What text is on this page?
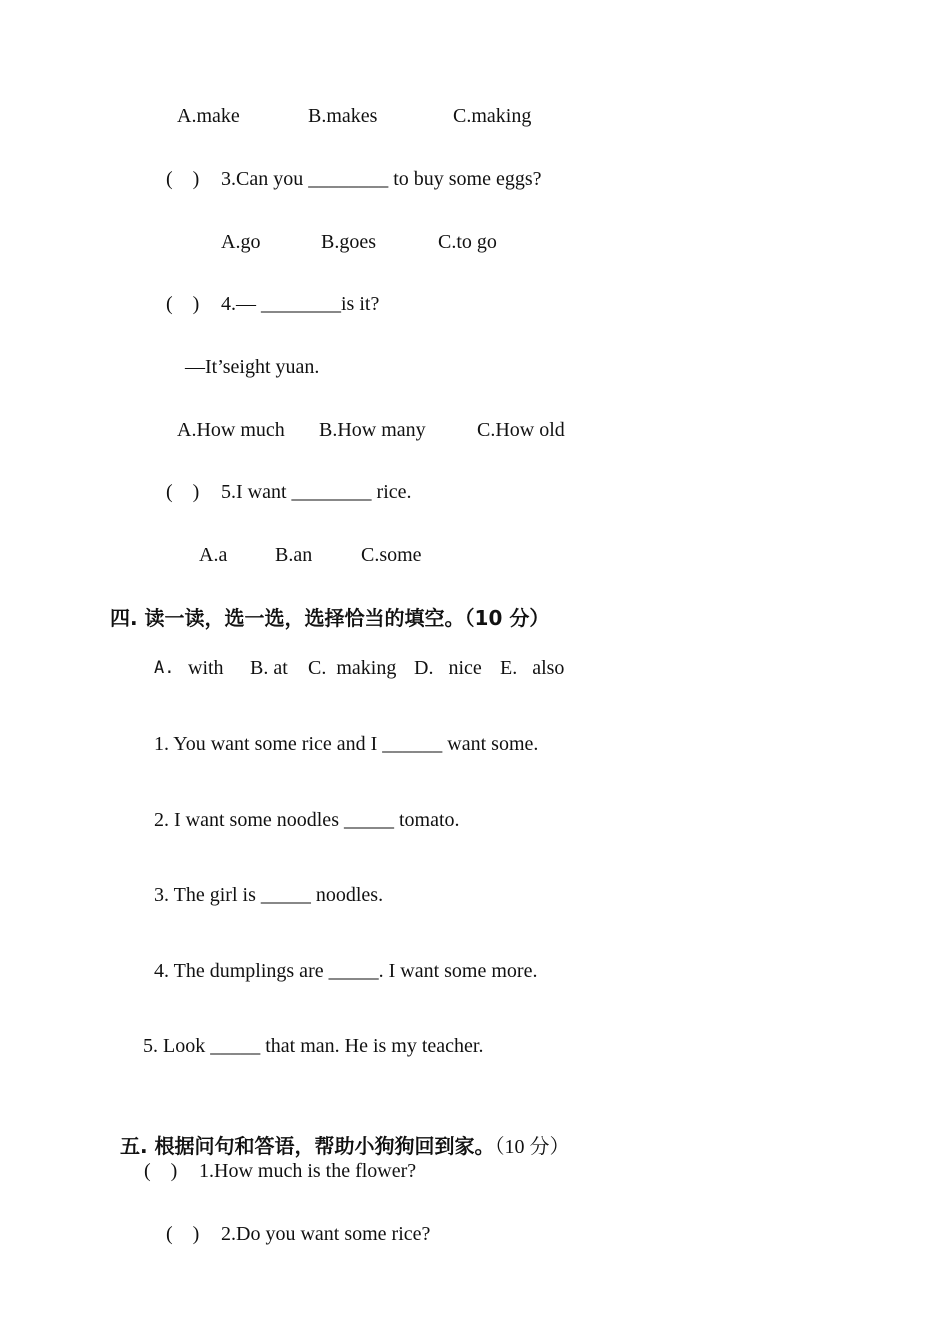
A.make	B.makes	C.making
(    ) 3.Can you ________ to buy some eggs?
A.go	B.goes	C.to go
(    ) 4.— ________is it?
—It’seight yuan.
A.How much B.How many	C.How old
(    ) 5.I want ________ rice.
A.a B.an C.some
四. 读一读，选一选，选择恰当的填空。（10 分）
A. with B. at C.  making D.   nice E.   also
1. You want some rice and I ______ want some.
2. I want some noodles _____ tomato.
3. The girl is _____ noodles.
4. The dumplings are _____. I want some more.
5. Look _____ that man. He is my teacher.

五. 根据问句和答语，帮助小狗狗回到家。（10 分）

(    ) 1.How much is the flower?
(    ) 2.Do you want some rice?
